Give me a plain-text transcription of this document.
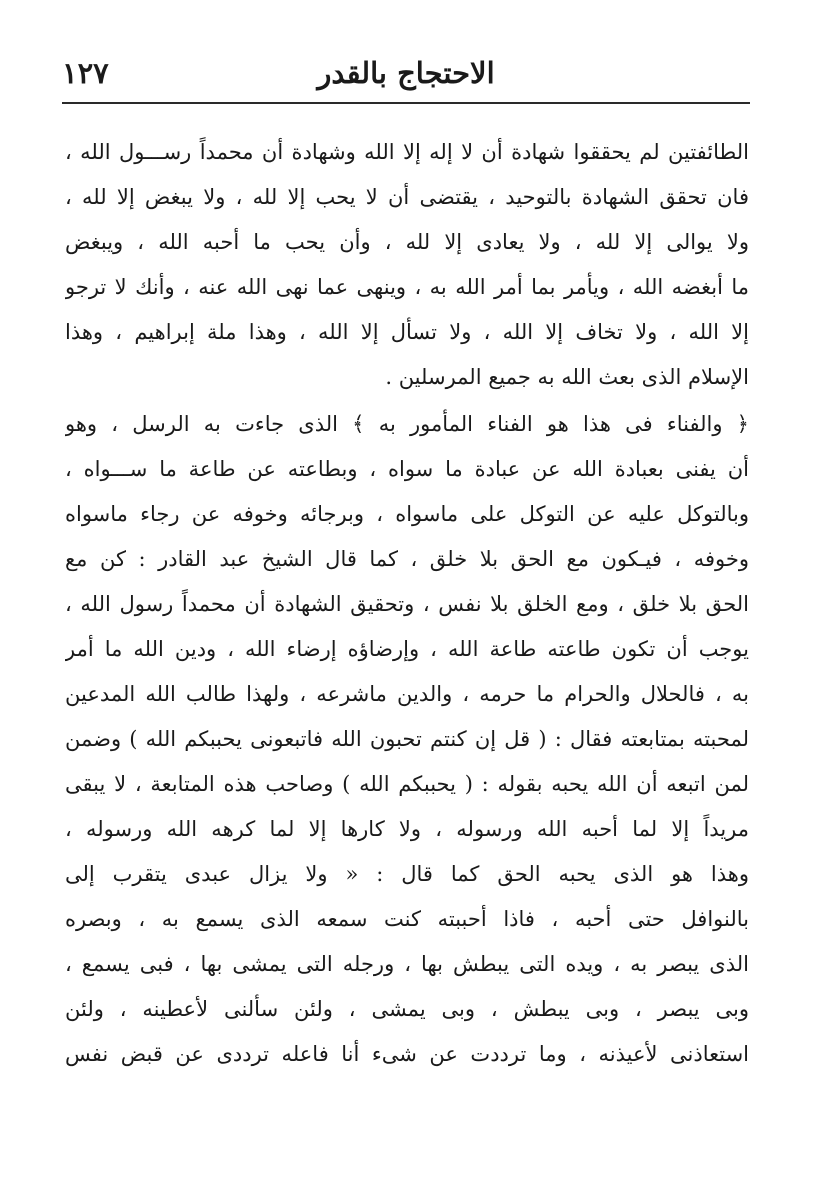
١٢٧	الاحتجاج بالقدر
الطائفتين لم يحققوا شهادة أن لا إله إلا الله وشهادة أن محمداً رســـول الله ،
فان تحقق الشهادة بالتوحيد ، يقتضى أن لا يحب إلا لله ، ولا يبغض إلا لله ،
ولا يوالى إلا لله ، ولا يعادى إلا لله ، وأن يحب ما أحبه الله ، ويبغض
ما أبغضه الله ، ويأمر بما أمر الله به ، وينهى عما نهى الله عنه ، وأنك لا ترجو
إلا الله ، ولا تخاف إلا الله ، ولا تسأل إلا الله ، وهذا ملة إبراهيم ، وهذا
الإسلام الذى بعث الله به جميع المرسلين .
﴿ والفناء فى هذا هو الفناء المأمور به ﴾ الذى جاءت به الرسل ، وهو
أن يفنى بعبادة الله عن عبادة ما سواه ، وبطاعته عن طاعة ما ســـواه ،
وبالتوكل عليه عن التوكل على ماسواه ، وبرجائه وخوفه عن رجاء ماسواه
وخوفه ، فيـكون مع الحق بلا خلق ، كما قال الشيخ عبد القادر : كن مع
الحق بلا خلق ، ومع الخلق بلا نفس ، وتحقيق الشهادة أن محمداً رسول الله ،
يوجب أن تكون طاعته طاعة الله ، وإرضاؤه إرضاء الله ، ودين الله ما أمر
به ، فالحلال والحرام ما حرمه ، والدين ماشرعه ، ولهذا طالب الله المدعين
لمحبته بمتابعته فقال : ( قل إن كنتم تحبون الله فاتبعونى يحببكم الله ) وضمن
لمن اتبعه أن الله يحبه بقوله : ( يحببكم الله ) وصاحب هذه المتابعة ، لا يبقى
مريداً إلا لما أحبه الله ورسوله ، ولا كارها إلا لما كرهه الله ورسوله ،
وهذا هو الذى يحبه الحق كما قال : « ولا يزال عبدى يتقرب إلى
بالنوافل حتى أحبه ، فاذا أحببته كنت سمعه الذى يسمع به ، وبصره
الذى يبصر به ، ويده التى يبطش بها ، ورجله التى يمشى بها ، فبى يسمع ،
وبى يبصر ، وبى يبطش ، وبى يمشى ، ولئن سألنى لأعطينه ، ولئن
استعاذنى لأعيذنه ، وما ترددت عن شىء أنا فاعله ترددى عن قبض نفس
